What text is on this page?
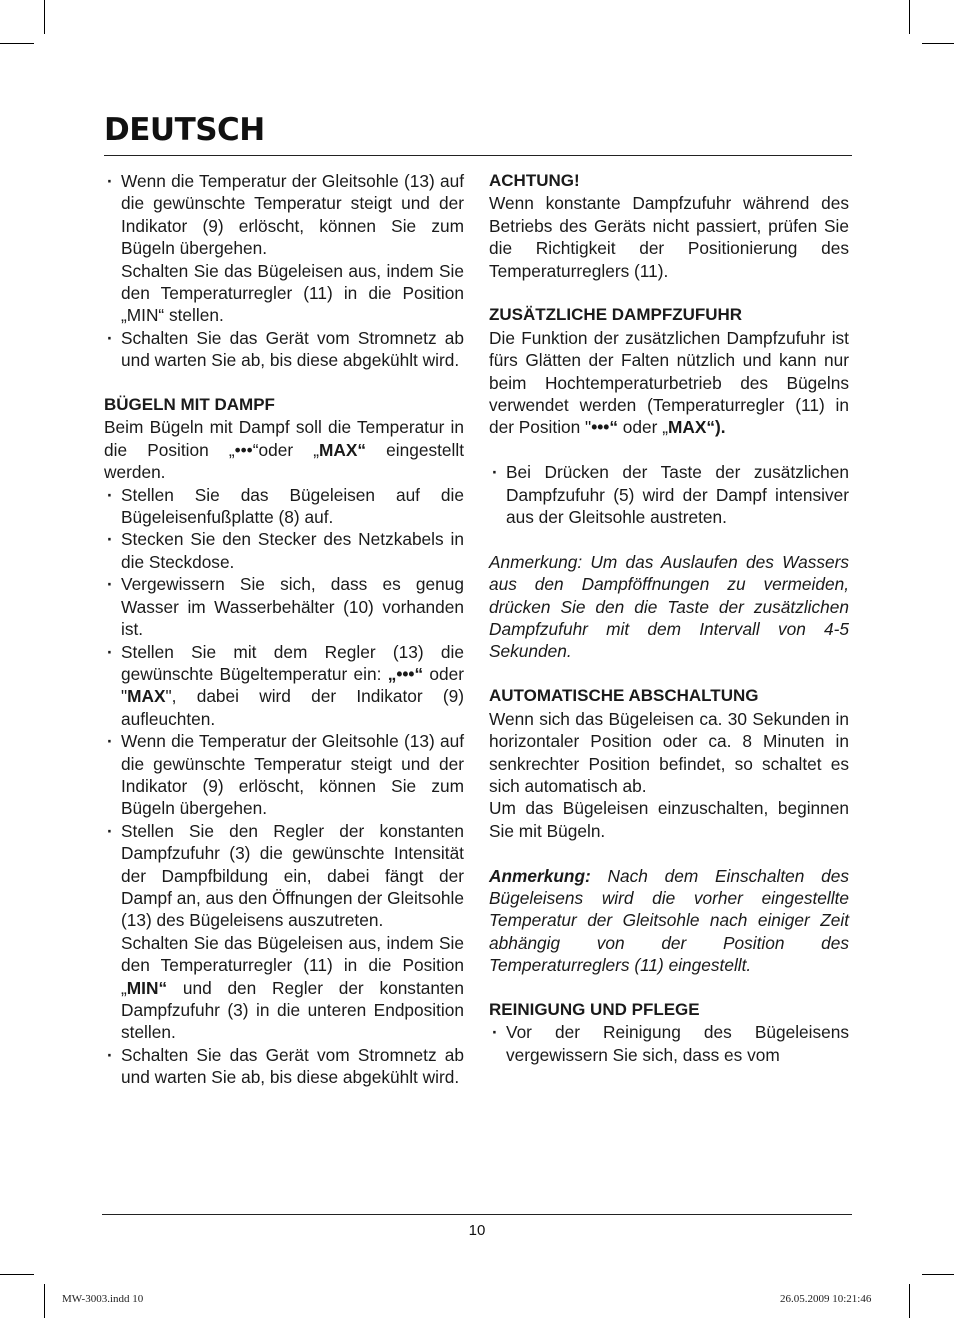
DEUTSCH
· Wenn die Temperatur der Gleitsohle (13) auf die gewünschte Temperatur steigt und der Indikator (9) erlöscht, können Sie zum Bügeln übergehen.

Schalten Sie das Bügeleisen aus, indem Sie den Temperaturregler (11) in die Position „MIN“ stellen.

· Schalten Sie das Gerät vom Stromnetz ab und warten Sie ab, bis diese abgekühlt wird.

BÜGELN MIT DAMPF

Beim Bügeln mit Dampf soll die Temperatur in die Position „•••“oder „MAX“ eingestellt werden.

· Stellen Sie das Bügeleisen auf die Bügeleisenfußplatte (8) auf.
· Stecken Sie den Stecker des Netzkabels in die Steckdose.
· Vergewissern Sie sich, dass es genug Wasser im Wasserbehälter (10) vorhanden ist.
· Stellen Sie mit dem Regler (13) die gewünschte Bügeltemperatur ein: „•••“ oder "MAX", dabei wird der Indikator (9) aufleuchten.
· Wenn die Temperatur der Gleitsohle (13) auf die gewünschte Temperatur steigt und der Indikator (9) erlöscht, können Sie zum Bügeln übergehen.
· Stellen Sie den Regler der konstanten Dampfzufuhr (3) die gewünschte Intensität der Dampfbildung ein, dabei fängt der Dampf an, aus den Öffnungen der Gleitsohle (13) des Bügeleisens auszutreten.

Schalten Sie das Bügeleisen aus, indem Sie den Temperaturregler (11) in die Position „MIN“ und den Regler der konstanten Dampfzufuhr (3) in die unteren Endposition stellen.

· Schalten Sie das Gerät vom Stromnetz ab und warten Sie ab, bis diese abgekühlt wird.

ACHTUNG!

Wenn konstante Dampfzufuhr während des Betriebs des Geräts nicht passiert, prüfen Sie die Richtigkeit der Positionierung des Temperaturreglers (11).

ZUSÄTZLICHE DAMPFZUFUHR

Die Funktion der zusätzlichen Dampfzufuhr ist fürs Glätten der Falten nützlich und kann nur beim Hochtemperaturbetrieb des Bügelns verwendet werden (Temperaturregler (11) in der Position "•••“ oder „MAX“).

· Bei Drücken der Taste der zusätzlichen Dampfzufuhr (5) wird der Dampf intensiver aus der Gleitsohle austreten.

Anmerkung: Um das Auslaufen des Wassers aus den Dampföffnungen zu vermeiden, drücken Sie den die Taste der zusätzlichen Dampfzufuhr mit dem Intervall von 4-5 Sekunden.

AUTOMATISCHE ABSCHALTUNG

Wenn sich das Bügeleisen ca. 30 Sekunden in horizontaler Position oder ca. 8 Minuten in senkrechter Position befindet, so schaltet es sich automatisch ab.

Um das Bügeleisen einzuschalten, beginnen Sie mit Bügeln.

Anmerkung: Nach dem Einschalten des Bügeleisens wird die vorher eingestellte Temperatur der Gleitsohle nach einiger Zeit abhängig von der Position des Temperaturreglers (11) eingestellt.

REINIGUNG UND PFLEGE

· Vor der Reinigung des Bügeleisens vergewissern Sie sich, dass es vom
10
MW-3003.indd 10	26.05.2009 10:21:46
